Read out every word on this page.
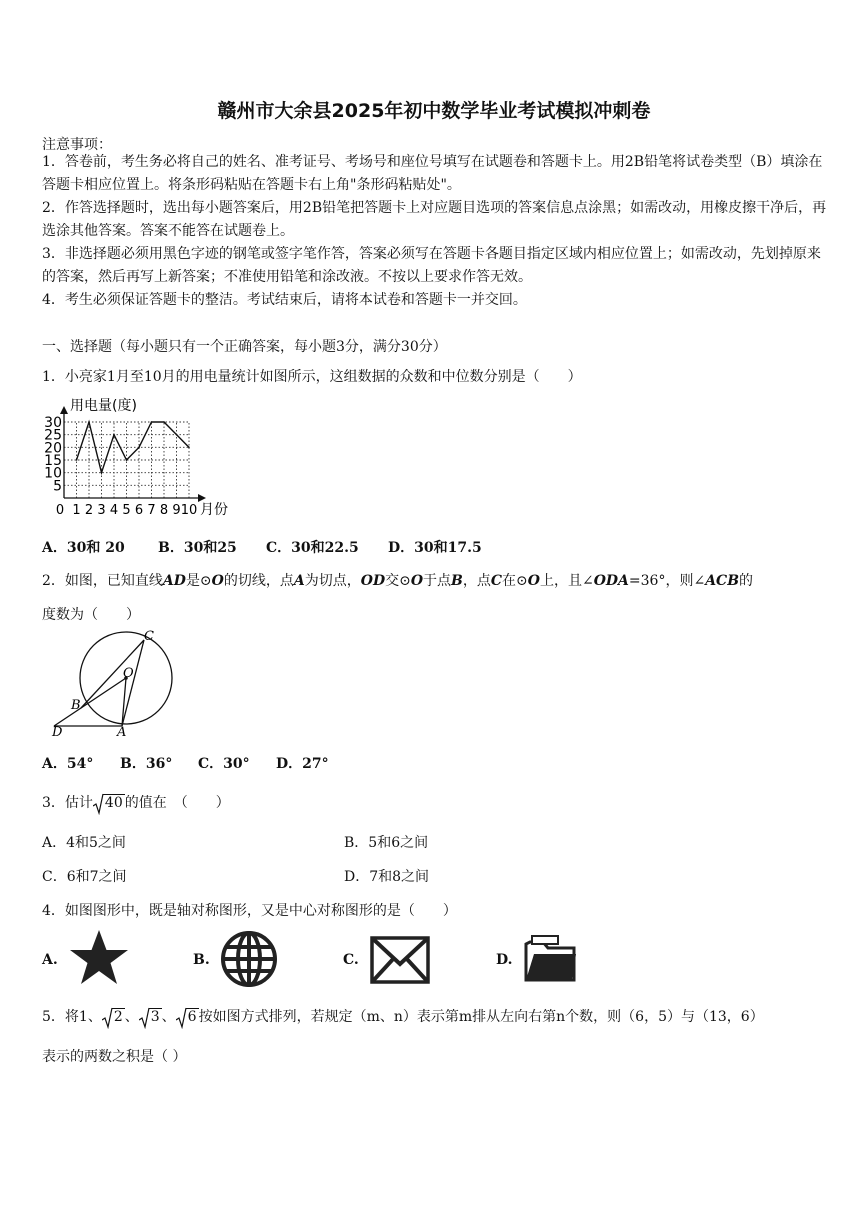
赣州市大余县2025年初中数学毕业考试模拟冲刺卷
注意事项：
1．答卷前，考生务必将自己的姓名、准考证号、考场号和座位号填写在试题卷和答题卡上。用2B铅笔将试卷类型（B）填涂在答题卡相应位置上。将条形码粘贴在答题卡右上角"条形码粘贴处"。
2．作答选择题时，选出每小题答案后，用2B铅笔把答题卡上对应题目选项的答案信息点涂黑；如需改动，用橡皮擦干净后，再选涂其他答案。答案不能答在试题卷上。
3．非选择题必须用黑色字迹的钢笔或签字笔作答，答案必须写在答题卡各题目指定区域内相应位置上；如需改动，先划掉原来的答案，然后再写上新答案；不准使用铅笔和涂改液。不按以上要求作答无效。
4．考生必须保证答题卡的整洁。考试结束后，请将本试卷和答题卡一并交回。
一、选择题（每小题只有一个正确答案，每小题3分，满分30分）
1．小亮家1月至10月的用电量统计如图所示，这组数据的众数和中位数分别是（　　）
5
10
15
20
25
30
0 1 2 3 4 5 6 7 8 9 10
用电量(度)
月份
A．30和 20 B．30和25 C．30和22.5 D．30和17.5
2．如图，已知直线AD是⊙O的切线，点A为切点，OD交⊙O于点B，点C在⊙O上，且∠ODA=36°，则∠ACB的
度数为（　　）
C
O
B
D	A
A．54° B．36° C．30° D．27°
3．估计 40 的值在　（　　）
A．4和5之间	B．5和6之间
C．6和7之间	D．7和8之间
4．如图图形中，既是轴对称图形，又是中心对称图形的是（　　）
A.	B.	C.	D.
5．将1、 2 、 3 、 6 按如图方式排列，若规定（m、n）表示第m排从左向右第n个数，则（6，5）与（13，6）
表示的两数之积是（ ）
